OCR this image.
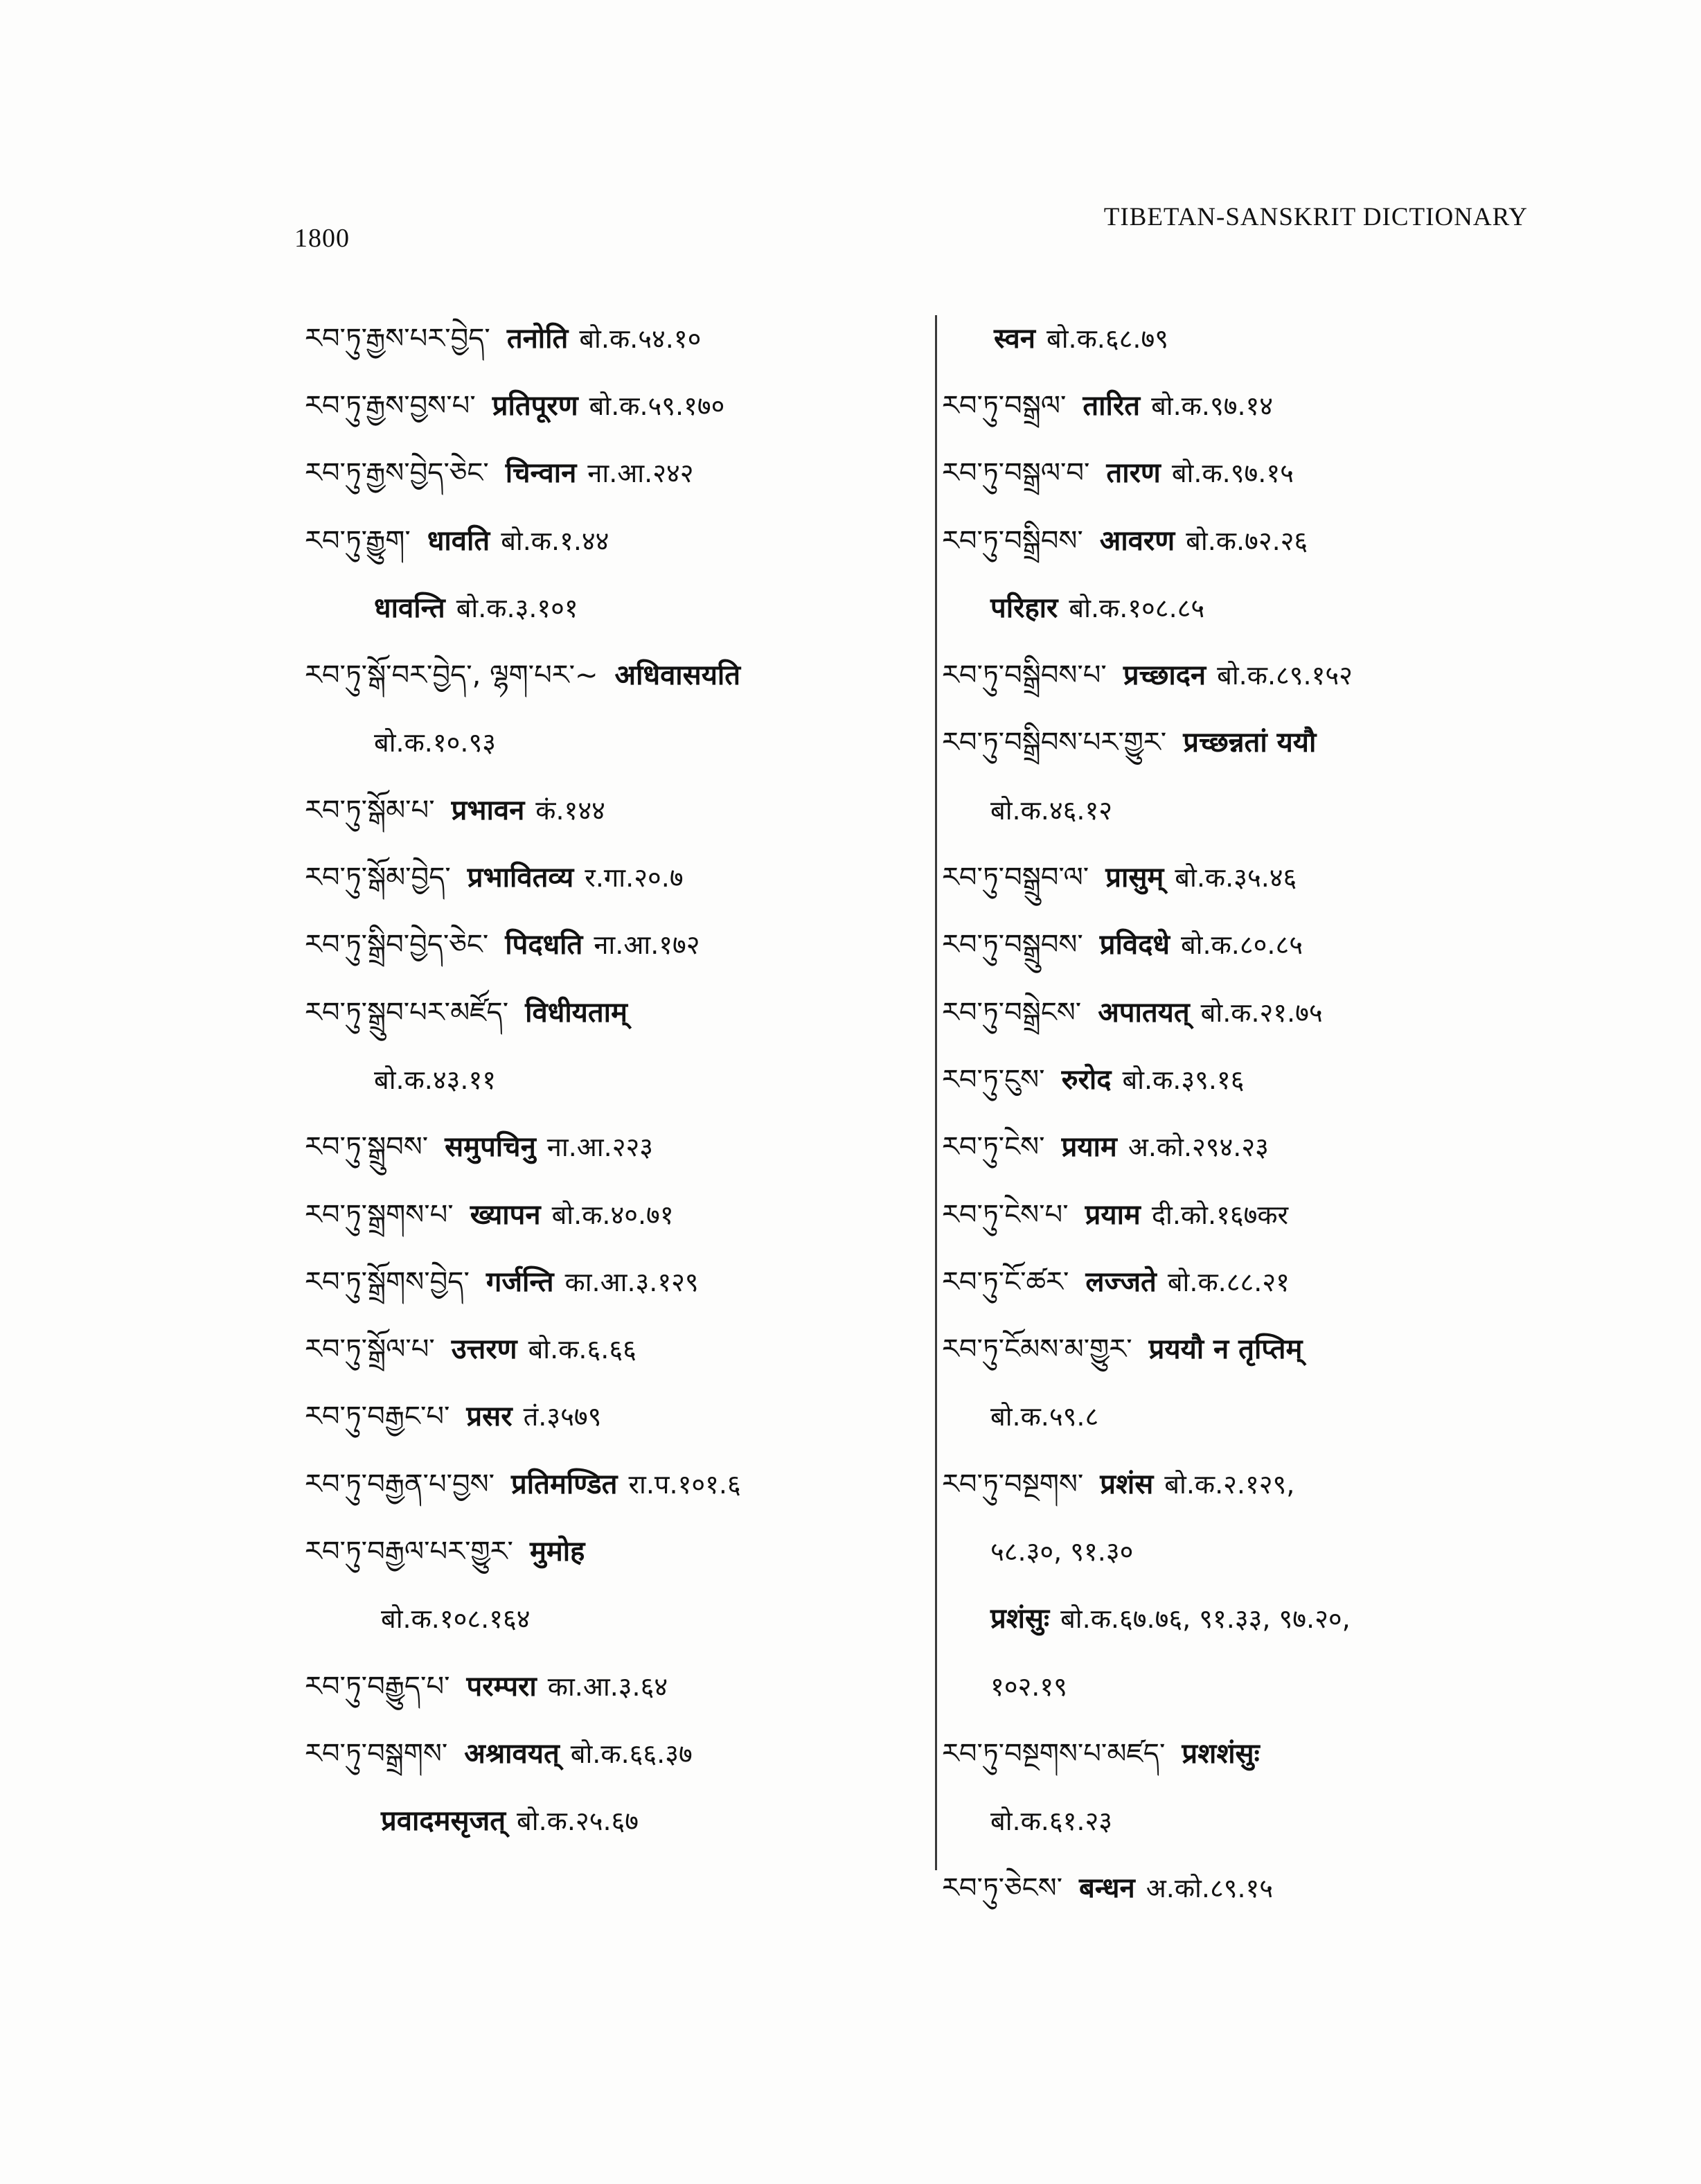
1800
TIBETAN-SANSKRIT DICTIONARY
རབ་ཏུ་རྒྱས་པར་བྱེད་ तनोति बो.क.५४.१०
རབ་ཏུ་རྒྱས་བྱས་པ་ प्रतिपूरण बो.क.५९.१७०
རབ་ཏུ་རྒྱས་བྱེད་ཅེང་ चिन्वान ना.आ.२४२
རབ་ཏུ་རྒྱུག་ धावति बो.क.१.४४
धावन्ति बो.क.३.१०१
རབ་ཏུ་སྒོ་བར་བྱེད་, ལྷག་པར་~ अधिवासयति
बो.क.१०.९३
རབ་ཏུ་སྒོམ་པ་ प्रभावन कं.१४४
རབ་ཏུ་སྒོམ་བྱེད་ प्रभावितव्य र.गा.२०.७
རབ་ཏུ་སྒྲིབ་བྱེད་ཅེང་ पिदधति ना.आ.१७२
རབ་ཏུ་སྒྲུབ་པར་མཛོད་ विधीयताम्
बो.क.४३.११
རབ་ཏུ་སྒྲུབས་ समुपचिनु ना.आ.२२३
རབ་ཏུ་སྒྲགས་པ་ ख्यापन बो.क.४०.७१
རབ་ཏུ་སྒྲོགས་བྱེད་ गर्जन्ति का.आ.३.१२९
རབ་ཏུ་སྒྲོལ་པ་ उत्तरण बो.क.६.६६
རབ་ཏུ་བརྒྱང་པ་ प्रसर तं.३५७९
རབ་ཏུ་བརྒྱན་པ་བྱས་ प्रतिमण्डित रा.प.१०१.६
རབ་ཏུ་བརྒྱལ་པར་གྱུར་ मुमोह
बो.क.१०८.१६४
རབ་ཏུ་བརྒྱུད་པ་ परम्परा का.आ.३.६४
རབ་ཏུ་བསྒྲགས་ अश्रावयत् बो.क.६६.३७
प्रवादमसृजत् बो.क.२५.६७
स्वन बो.क.६८.७९
རབ་ཏུ་བསྒྲལ་ तारित बो.क.९७.१४
རབ་ཏུ་བསྒྲལ་བ་ तारण बो.क.९७.१५
རབ་ཏུ་བསྒྲིབས་ आवरण बो.क.७२.२६
परिहार बो.क.१०८.८५
རབ་ཏུ་བསྒྲིབས་པ་ प्रच्छादन बो.क.८९.१५२
རབ་ཏུ་བསྒྲིབས་པར་གྱུར་ प्रच्छन्नतां ययौ
बो.क.४६.१२
རབ་ཏུ་བསྒྲུབ་ལ་ प्रासुम् बो.क.३५.४६
རབ་ཏུ་བསྒྲུབས་ प्रविदधे बो.क.८०.८५
རབ་ཏུ་བསྒྲེངས་ अपातयत् बो.क.२१.७५
རབ་ཏུ་ངུས་ रुरोद बो.क.३९.१६
རབ་ཏུ་ངེས་ प्रयाम अ.को.२९४.२३
རབ་ཏུ་ངེས་པ་ प्रयाम दी.को.१६७कर
རབ་ཏུ་ངོ་ཚར་ लज्जते बो.क.८८.२१
རབ་ཏུ་ངོམས་མ་གྱུར་ प्रययौ न तृप्तिम्
बो.क.५९.८
རབ་ཏུ་བསྔགས་ प्रशंस बो.क.२.१२९,
५८.३०, ९१.३०
प्रशंसुः बो.क.६७.७६, ९१.३३, ९७.२०,
१०२.१९
རབ་ཏུ་བསྔགས་པ་མཛད་ प्रशशंसुः
बो.क.६१.२३
རབ་ཏུ་ཅེངས་ बन्धन अ.को.८९.१५
